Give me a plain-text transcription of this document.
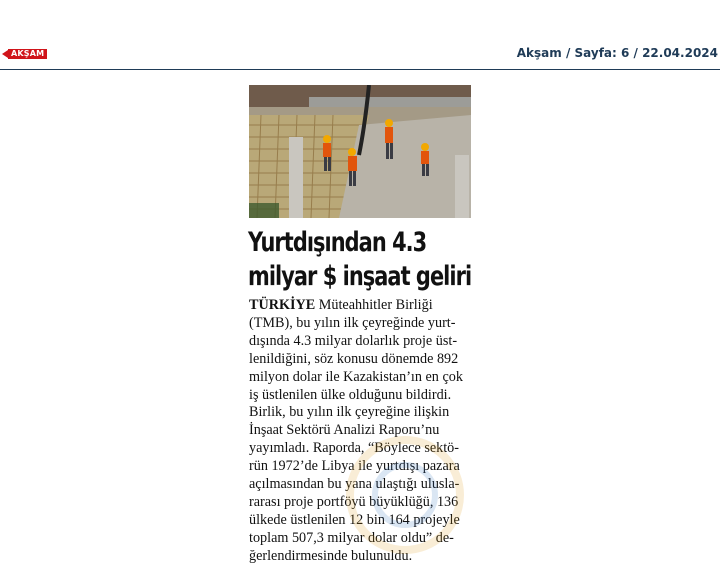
AKŞAM	Akşam / Sayfa: 6 / 22.04.2024
Yurtdışından 4.3
milyar $ inşaat geliri
TÜRKİYE Müteahhitler Birliği
(TMB), bu yılın ilk çeyreğinde yurt-
dışında 4.3 milyar dolarlık proje üst-
lenildiğini, söz konusu dönemde 892
milyon dolar ile Kazakistan’ın en çok
iş üstlenilen ülke olduğunu bildirdi.
Birlik, bu yılın ilk çeyreğine ilişkin
İnşaat Sektörü Analizi Raporu’nu
yayımladı. Raporda, “Böylece sektö-
rün 1972’de Libya ile yurtdışı pazara
açılmasından bu yana ulaştığı ulusla-
rarası proje portföyü büyüklüğü, 136
ülkede üstlenilen 12 bin 164 projeyle
toplam 507,3 milyar dolar oldu” de-
ğerlendirmesinde bulunuldu.
